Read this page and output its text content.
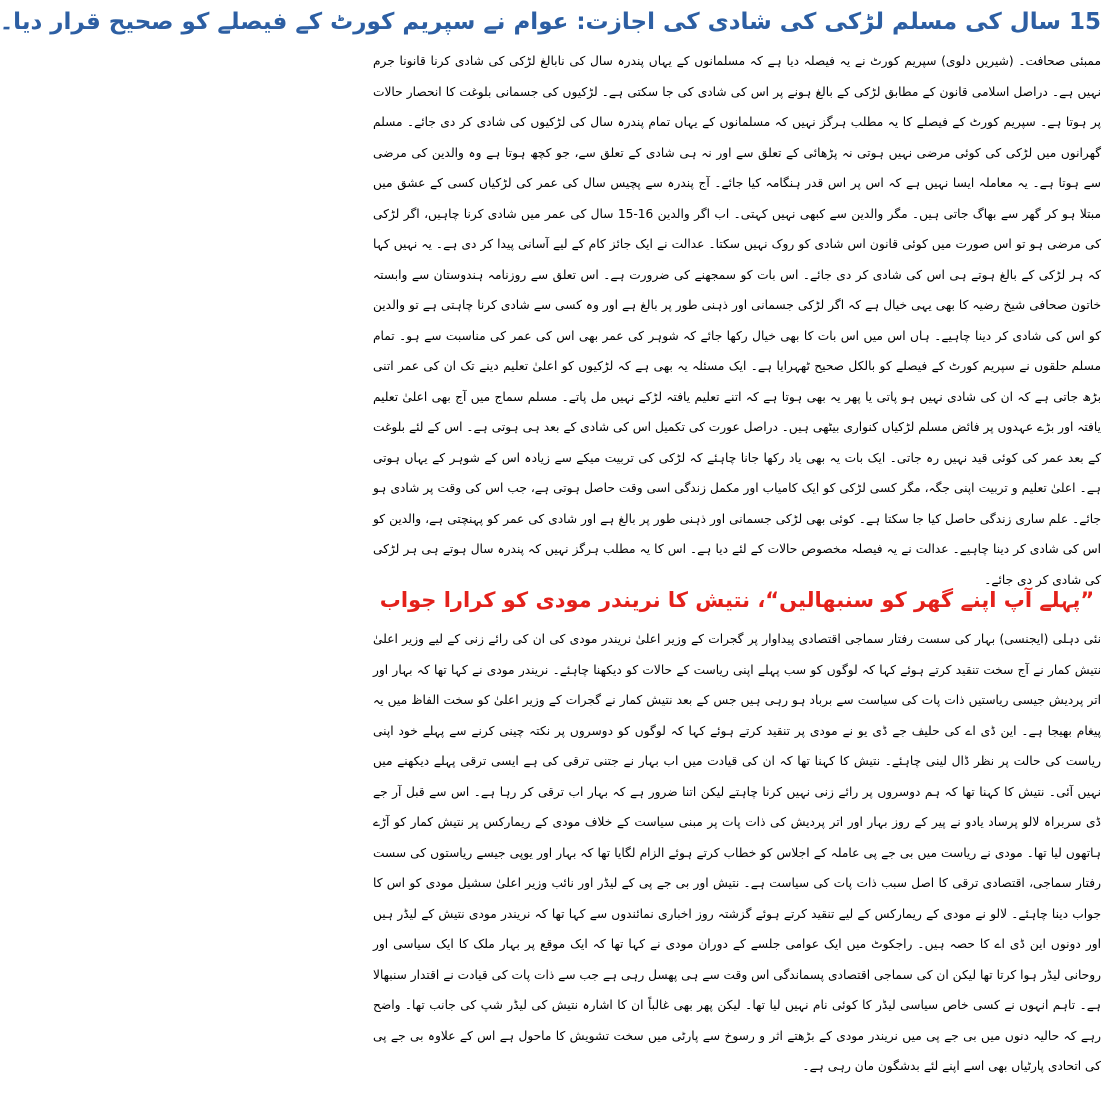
15 سال کی مسلم لڑکی کی شادی کی اجازت: عوام نے سپریم کورٹ کے فیصلے کو صحیح قرار دیا۔

ممبئی صحافت۔ (شیریں دلوی) سپریم کورٹ نے یہ فیصلہ دیا ہے کہ مسلمانوں کے یہاں پندرہ سال کی نابالغ لڑکی کی شادی کرنا قانونا جرم نہیں ہے۔ دراصل اسلامی قانون کے مطابق لڑکی کے بالغ ہونے پر اس کی شادی کی جا سکتی ہے۔ لڑکیوں کی جسمانی بلوغت کا انحصار حالات پر ہوتا ہے۔ سپریم کورٹ کے فیصلے کا یہ مطلب ہرگز نہیں کہ مسلمانوں کے یہاں تمام پندرہ سال کی لڑکیوں کی شادی کر دی جائے۔ مسلم گھرانوں میں لڑکی کی کوئی مرضی نہیں ہوتی نہ پڑھائی کے تعلق سے اور نہ ہی شادی کے تعلق سے، جو کچھ ہوتا ہے وہ والدین کی مرضی سے ہوتا ہے۔ یہ معاملہ ایسا نہیں ہے کہ اس پر اس قدر ہنگامہ کیا جائے۔ آج پندرہ سے پچیس سال کی عمر کی لڑکیاں کسی کے عشق میں مبتلا ہو کر گھر سے بھاگ جاتی ہیں۔ مگر والدین سے کبھی نہیں کہتی۔ اب اگر والدین 16-15 سال کی عمر میں شادی کرنا چاہیں، اگر لڑکی کی مرضی ہو تو اس صورت میں کوئی قانون اس شادی کو روک نہیں سکتا۔ عدالت نے ایک جائز کام کے لیے آسانی پیدا کر دی ہے۔ یہ نہیں کہا کہ ہر لڑکی کے بالغ ہوتے ہی اس کی شادی کر دی جائے۔ اس بات کو سمجھنے کی ضرورت ہے۔ اس تعلق سے روزنامہ ہندوستان سے وابستہ خاتون صحافی شیخ رضیہ کا بھی یہی خیال ہے کہ اگر لڑکی جسمانی اور ذہنی طور پر بالغ ہے اور وہ کسی سے شادی کرنا چاہتی ہے تو والدین کو اس کی شادی کر دینا چاہیے۔ ہاں اس میں اس بات کا بھی خیال رکھا جائے کہ شوہر کی عمر بھی اس کی عمر کی مناسبت سے ہو۔ تمام مسلم حلقوں نے سپریم کورٹ کے فیصلے کو بالکل صحیح ٹھہرایا ہے۔ ایک مسئلہ یہ بھی ہے کہ لڑکیوں کو اعلیٰ تعلیم دینے تک ان کی عمر اتنی بڑھ جاتی ہے کہ ان کی شادی نہیں ہو پاتی یا پھر یہ بھی ہوتا ہے کہ اتنے تعلیم یافتہ لڑکے نہیں مل پاتے۔ مسلم سماج میں آج بھی اعلیٰ تعلیم یافتہ اور بڑے عہدوں پر فائض مسلم لڑکیاں کنواری بیٹھی ہیں۔ دراصل عورت کی تکمیل اس کی شادی کے بعد ہی ہوتی ہے۔ اس کے لئے بلوغت کے بعد عمر کی کوئی قید نہیں رہ جاتی۔ ایک بات یہ بھی یاد رکھا جانا چاہئے کہ لڑکی کی تربیت میکے سے زیادہ اس کے شوہر کے یہاں ہوتی ہے۔ اعلیٰ تعلیم و تربیت اپنی جگہ، مگر کسی لڑکی کو ایک کامیاب اور مکمل زندگی اسی وقت حاصل ہوتی ہے، جب اس کی وقت پر شادی ہو جائے۔ علم ساری زندگی حاصل کیا جا سکتا ہے۔ کوئی بھی لڑکی جسمانی اور ذہنی طور پر بالغ ہے اور شادی کی عمر کو پہنچتی ہے، والدین کو اس کی شادی کر دینا چاہیے۔ عدالت نے یہ فیصلہ مخصوص حالات کے لئے دیا ہے۔ اس کا یہ مطلب ہرگز نہیں کہ پندرہ سال ہوتے ہی ہر لڑکی کی شادی کر دی جائے۔

”پہلے آپ اپنے گھر کو سنبھالیں“، نتیش کا نریندر مودی کو کرارا جواب

نئی دہلی (ایجنسی) بہار کی سست رفتار سماجی اقتصادی پیداوار پر گجرات کے وزیر اعلیٰ نریندر مودی کی ان کی رائے زنی کے لیے وزیر اعلیٰ نتیش کمار نے آج سخت تنقید کرتے ہوئے کہا کہ لوگوں کو سب پہلے اپنی ریاست کے حالات کو دیکھنا چاہئے۔ نریندر مودی نے کہا تھا کہ بہار اور اتر پردیش جیسی ریاستیں ذات پات کی سیاست سے برباد ہو رہی ہیں جس کے بعد نتیش کمار نے گجرات کے وزیر اعلیٰ کو سخت الفاظ میں یہ پیغام بھیجا ہے۔ این ڈی اے کی حلیف جے ڈی یو نے مودی پر تنقید کرتے ہوئے کہا کہ لوگوں کو دوسروں پر نکتہ چینی کرنے سے پہلے خود اپنی ریاست کی حالت پر نظر ڈال لینی چاہئے۔ نتیش کا کہنا تھا کہ ان کی قیادت میں اب بہار نے جتنی ترقی کی ہے ایسی ترقی پہلے دیکھنے میں نہیں آئی۔ نتیش کا کہنا تھا کہ ہم دوسروں پر رائے زنی نہیں کرنا چاہتے لیکن اتنا ضرور ہے کہ بہار اب ترقی کر رہا ہے۔ اس سے قبل آر جے ڈی سربراہ لالو پرساد یادو نے پیر کے روز بہار اور اتر پردیش کی ذات پات پر مبنی سیاست کے خلاف مودی کے ریمارکس پر نتیش کمار کو آڑے ہاتھوں لیا تھا۔ مودی نے ریاست میں بی جے پی عاملہ کے اجلاس کو خطاب کرتے ہوئے الزام لگایا تھا کہ بہار اور یوپی جیسے ریاستوں کی سست رفتار سماجی، اقتصادی ترقی کا اصل سبب ذات پات کی سیاست ہے۔ نتیش اور بی جے پی کے لیڈر اور نائب وزیر اعلیٰ سشیل مودی کو اس کا جواب دینا چاہئے۔ لالو نے مودی کے ریمارکس کے لیے تنقید کرتے ہوئے گزشتہ روز اخباری نمائندوں سے کہا تھا کہ نریندر مودی نتیش کے لیڈر ہیں اور دونوں این ڈی اے کا حصہ ہیں۔ راجکوٹ میں ایک عوامی جلسے کے دوران مودی نے کہا تھا کہ ایک موقع پر بہار ملک کا ایک سیاسی اور روحانی لیڈر ہوا کرتا تھا لیکن ان کی سماجی اقتصادی پسماندگی اس وقت سے ہی پھسل رہی ہے جب سے ذات پات کی قیادت نے اقتدار سنبھالا ہے۔ تاہم انہوں نے کسی خاص سیاسی لیڈر کا کوئی نام نہیں لیا تھا۔ لیکن پھر بھی غالباً ان کا اشارہ نتیش کی لیڈر شپ کی جانب تھا۔ واضح رہے کہ حالیہ دنوں میں بی جے پی میں نریندر مودی کے بڑھتے اثر و رسوخ سے پارٹی میں سخت تشویش کا ماحول ہے اس کے علاوہ بی جے پی کی اتحادی پارٹیاں بھی اسے اپنے لئے بدشگون مان رہی ہے۔
